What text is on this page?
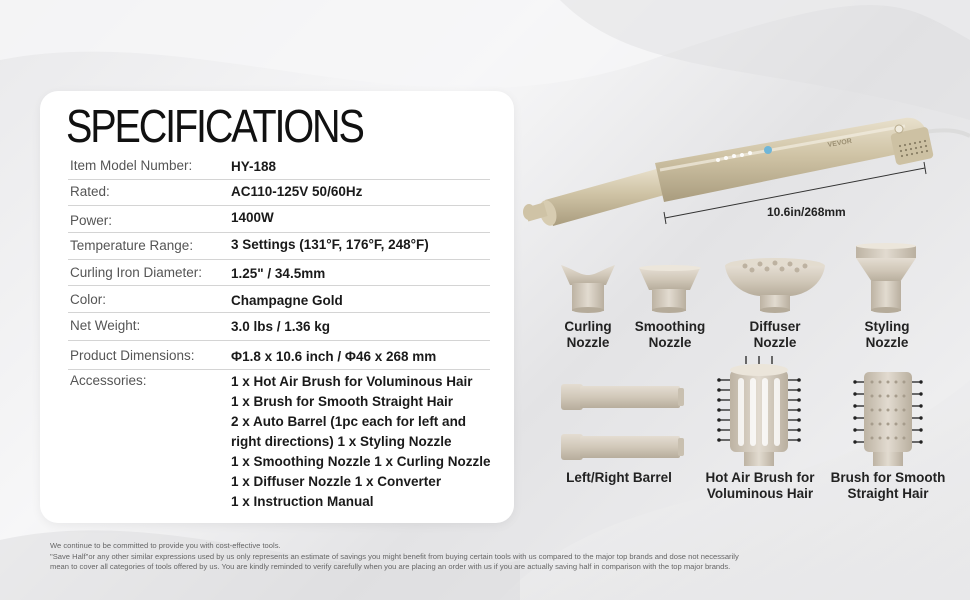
SPECIFICATIONS
Item Model Number:	HY-188
Rated:	AC110-125V 50/60Hz
Power:	1400W
Temperature Range:	3 Settings (131°F, 176°F, 248°F)
Curling Iron Diameter: 1.25" / 34.5mm
Color:	Champagne Gold
Net Weight:	3.0 lbs / 1.36 kg
Product Dimensions:	Φ1.8 x 10.6 inch / Φ46 x 268 mm
Accessories:	1 x Hot Air Brush for Voluminous Hair
1 x Brush for Smooth Straight Hair
2 x Auto Barrel (1pc each for left and
right directions) 1 x Styling Nozzle
1 x Smoothing Nozzle 1 x Curling Nozzle
1 x Diffuser Nozzle 1 x Converter
1 x Instruction Manual
VEVOR
10.6in/268mm
Curling
Nozzle
Smoothing
Nozzle
Diffuser
Nozzle
Styling
Nozzle
Left/Right Barrel	Hot Air Brush for
Voluminous Hair
Brush for Smooth
Straight Hair
We continue to be committed to provide you with cost-effective tools.
"Save Half"or any other similar expressions used by us only represents an estimate of savings you might benefit from buying certain tools with us compared to the major top brands and dose not necessarily
mean to cover all categories of tools offered by us. You are kindly reminded to verify carefully when you are placing an order with us if you are actually saving half in comparison with the top major brands.
